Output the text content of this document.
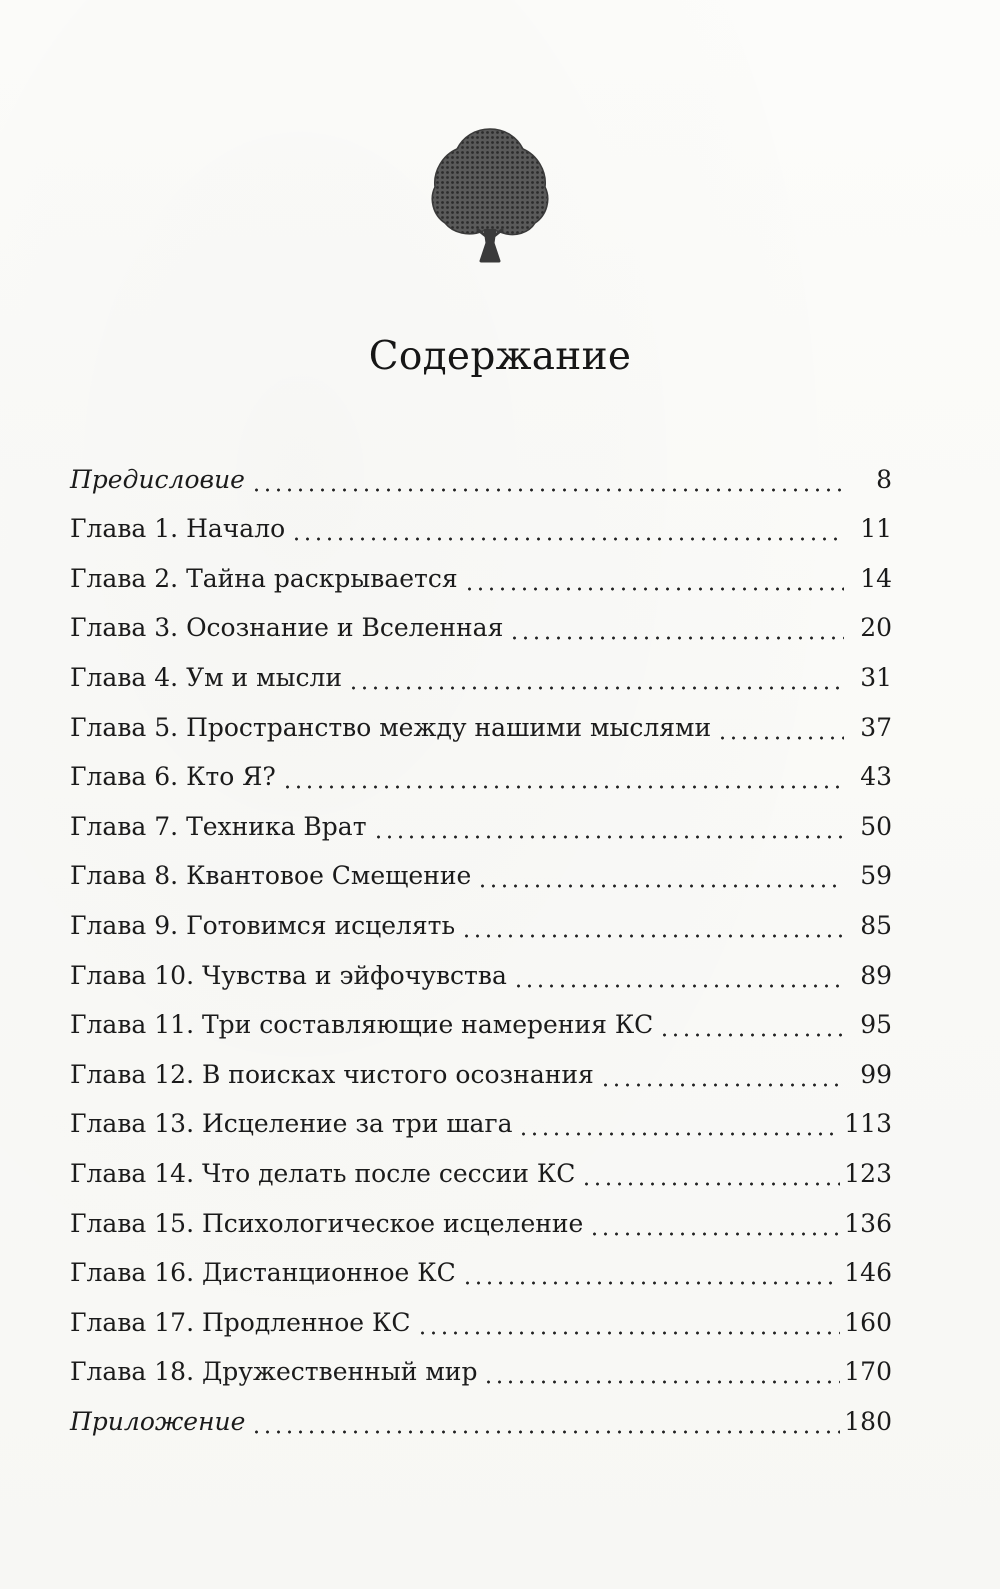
Содержание
Предисловие	8
Глава 1. Начало	11
Глава 2. Тайна раскрывается	14
Глава 3. Осознание и Вселенная	20
Глава 4. Ум и мысли	31
Глава 5. Пространство между нашими мыслями	37
Глава 6. Кто Я?	43
Глава 7. Техника Врат	50
Глава 8. Квантовое Смещение	59
Глава 9. Готовимся исцелять	85
Глава 10. Чувства и эйфочувства	89
Глава 11. Три составляющие намерения КС	95
Глава 12. В поисках чистого осознания	99
Глава 13. Исцеление за три шага	113
Глава 14. Что делать после сессии КС	123
Глава 15. Психологическое исцеление	136
Глава 16. Дистанционное КС	146
Глава 17. Продленное КС	160
Глава 18. Дружественный мир	170
Приложение	180
